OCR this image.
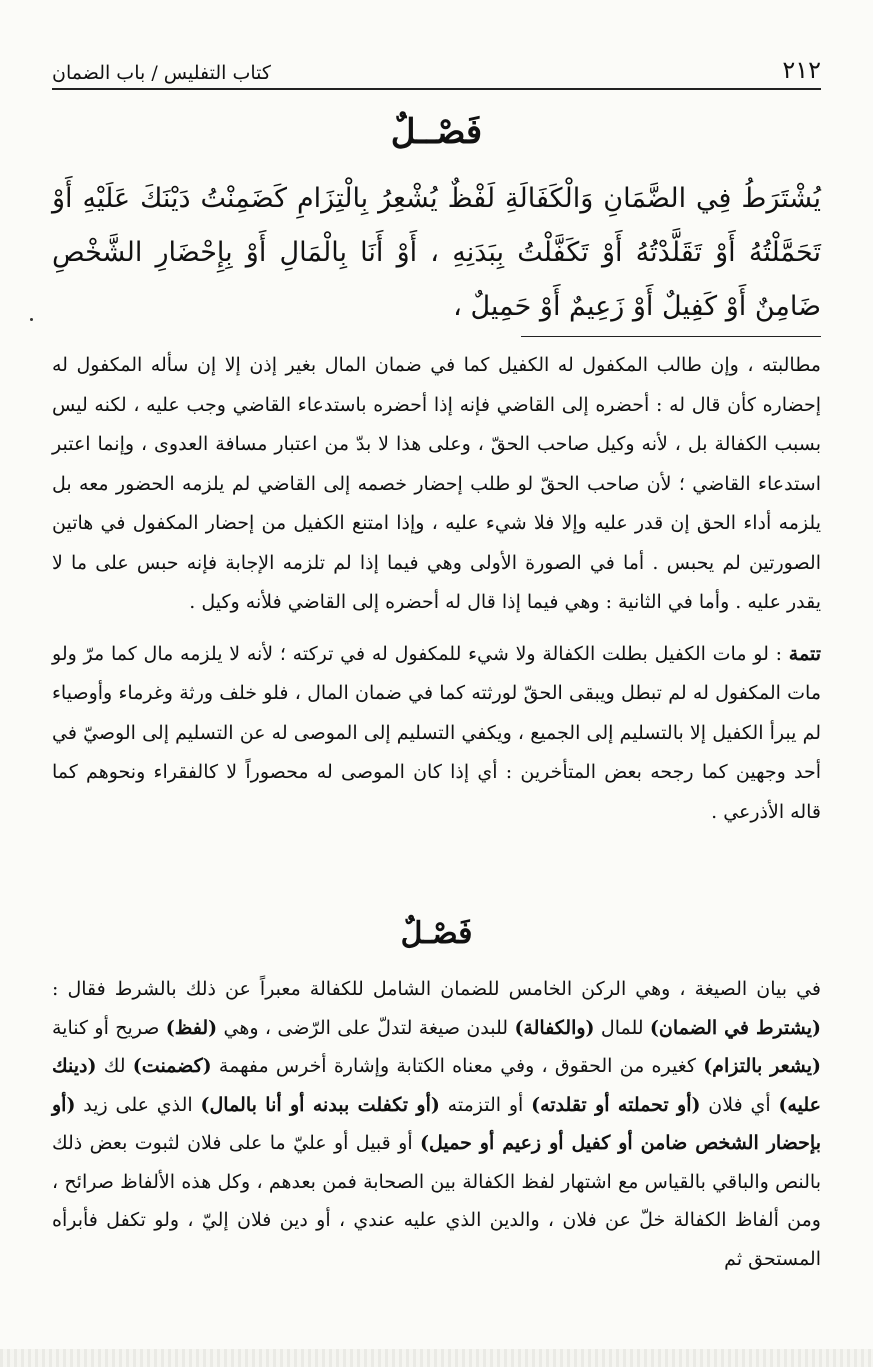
٢١٢
كتاب التفليس / باب الضمان
فَصْــلٌ
يُشْتَرَطُ فِي الضَّمَانِ وَالْكَفَالَةِ لَفْظٌ يُشْعِرُ بِالْتِزَامِ كَضَمِنْتُ دَيْنَكَ عَلَيْهِ أَوْ تَحَمَّلْتُهُ أَوْ تَقَلَّدْتُهُ أَوْ تَكَفَّلْتُ بِبَدَنِهِ ، أَوْ أَنَا بِالْمَالِ أَوْ بِإِحْضَارِ الشَّخْصِ ضَامِنٌ أَوْ كَفِيلٌ أَوْ زَعِيمٌ أَوْ حَمِيلٌ ،

مطالبته ، وإن طالب المكفول له الكفيل كما في ضمان المال بغير إذن إلا إن سأله المكفول له إحضاره كأن قال له : أحضره إلى القاضي فإنه إذا أحضره باستدعاء القاضي وجب عليه ، لكنه ليس بسبب الكفالة بل ، لأنه وكيل صاحب الحقّ ، وعلى هذا لا بدّ من اعتبار مسافة العدوى ، وإنما اعتبر استدعاء القاضي ؛ لأن صاحب الحقّ لو طلب إحضار خصمه إلى القاضي لم يلزمه الحضور معه بل يلزمه أداء الحق إن قدر عليه وإلا فلا شيء عليه ، وإذا امتنع الكفيل من إحضار المكفول في هاتين الصورتين لم يحبس . أما في الصورة الأولى وهي فيما إذا لم تلزمه الإجابة فإنه حبس على ما لا يقدر عليه . وأما في الثانية : وهي فيما إذا قال له أحضره إلى القاضي فلأنه وكيل .

تتمة : لو مات الكفيل بطلت الكفالة ولا شيء للمكفول له في تركته ؛ لأنه لا يلزمه مال كما مرّ ولو مات المكفول له لم تبطل ويبقى الحقّ لورثته كما في ضمان المال ، فلو خلف ورثة وغرماء وأوصياء لم يبرأ الكفيل إلا بالتسليم إلى الجميع ، ويكفي التسليم إلى الموصى له عن التسليم إلى الوصيّ في أحد وجهين كما رجحه بعض المتأخرين : أي إذا كان الموصى له محصوراً لا كالفقراء ونحوهم كما قاله الأذرعي .

فَصْـلٌ

في بيان الصيغة ، وهي الركن الخامس للضمان الشامل للكفالة معبراً عن ذلك بالشرط فقال : (يشترط في الضمان) للمال (والكفالة) للبدن صيغة لتدلّ على الرّضى ، وهي (لفظ) صريح أو كناية (يشعر بالتزام) كغيره من الحقوق ، وفي معناه الكتابة وإشارة أخرس مفهمة (كضمنت) لك (دينك عليه) أي فلان (أو تحملته أو تقلدته) أو التزمته (أو تكفلت ببدنه أو أنا بالمال) الذي على زيد (أو بإحضار الشخص ضامن أو كفيل أو زعيم أو حميل) أو قبيل أو عليّ ما على فلان لثبوت بعض ذلك بالنص والباقي بالقياس مع اشتهار لفظ الكفالة بين الصحابة فمن بعدهم ، وكل هذه الألفاظ صرائح ، ومن ألفاظ الكفالة خلّ عن فلان ، والدين الذي عليه عندي ، أو دين فلان إليّ ، ولو تكفل فأبرأه المستحق ثم
